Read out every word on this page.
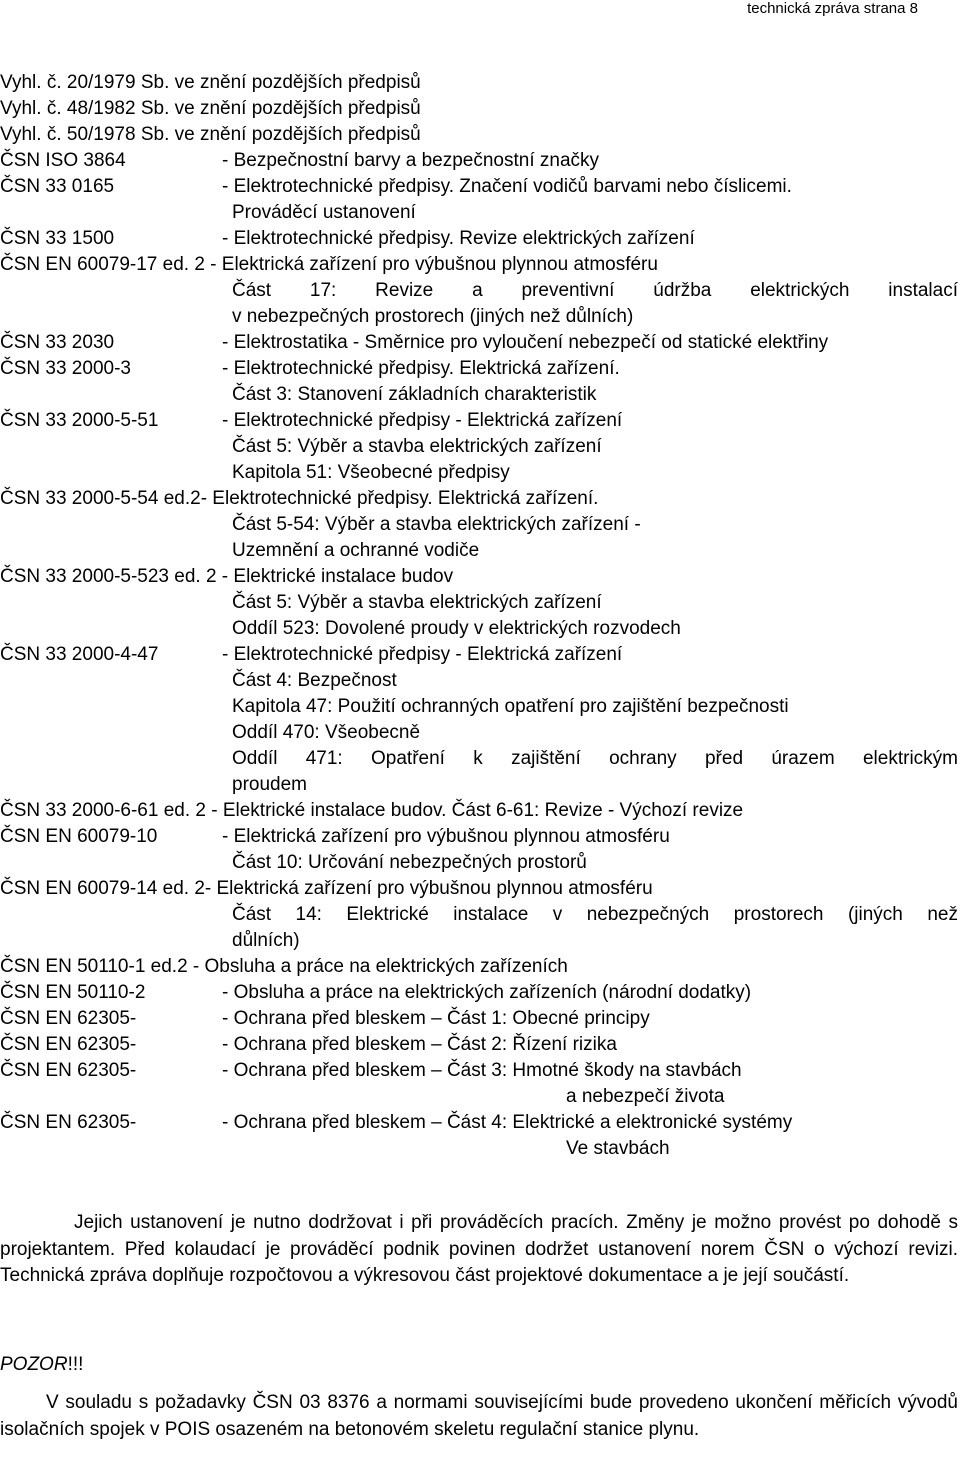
technická zpráva strana 8

Vyhl. č. 20/1979 Sb. ve znění pozdějších předpisů

Vyhl. č. 48/1982 Sb. ve znění pozdějších předpisů

Vyhl. č. 50/1978 Sb. ve znění pozdějších předpisů

ČSN ISO 3864	- Bezpečnostní barvy a bezpečnostní značky

ČSN 33 0165	- Elektrotechnické předpisy. Značení vodičů barvami nebo číslicemi.

Prováděcí ustanovení

ČSN 33 1500	- Elektrotechnické předpisy. Revize elektrických zařízení

ČSN EN 60079-17 ed. 2 - Elektrická zařízení pro výbušnou plynnou atmosféru

Část 17: Revize a preventivní údržba elektrických instalací

v nebezpečných prostorech (jiných než důlních)

ČSN 33 2030	- Elektrostatika - Směrnice pro vyloučení nebezpečí od statické elektřiny

ČSN 33 2000-3	- Elektrotechnické předpisy. Elektrická zařízení.

Část 3: Stanovení základních charakteristik

ČSN 33 2000-5-51	- Elektrotechnické předpisy - Elektrická zařízení

Část 5: Výběr a stavba elektrických zařízení

Kapitola 51: Všeobecné předpisy

ČSN 33 2000-5-54 ed.2- Elektrotechnické předpisy. Elektrická zařízení.

Část 5-54: Výběr a stavba elektrických zařízení -

Uzemnění a ochranné vodiče

ČSN 33 2000-5-523 ed. 2 - Elektrické instalace budov

Část 5: Výběr a stavba elektrických zařízení

Oddíl 523: Dovolené proudy v elektrických rozvodech

ČSN 33 2000-4-47	- Elektrotechnické předpisy - Elektrická zařízení

Část 4: Bezpečnost

Kapitola 47: Použití ochranných opatření pro zajištění bezpečnosti

Oddíl 470: Všeobecně

Oddíl 471: Opatření k zajištění ochrany před úrazem elektrickým

proudem

ČSN 33 2000-6-61 ed. 2 - Elektrické instalace budov. Část 6-61: Revize - Výchozí revize

ČSN EN 60079-10	- Elektrická zařízení pro výbušnou plynnou atmosféru

Část 10: Určování nebezpečných prostorů

ČSN EN 60079-14 ed. 2- Elektrická zařízení pro výbušnou plynnou atmosféru

Část 14: Elektrické instalace v nebezpečných prostorech (jiných než

důlních)

ČSN EN 50110-1 ed.2 - Obsluha a práce na elektrických zařízeních

ČSN EN 50110-2	- Obsluha a práce na elektrických zařízeních (národní dodatky)

ČSN EN 62305-	- Ochrana před bleskem – Část 1: Obecné principy

ČSN EN 62305-	- Ochrana před bleskem – Část 2: Řízení rizika

ČSN EN 62305-	- Ochrana před bleskem – Část 3: Hmotné škody na stavbách

a nebezpečí života

ČSN EN 62305-	- Ochrana před bleskem – Část 4: Elektrické a elektronické systémy

Ve stavbách

Jejich ustanovení je nutno dodržovat i při prováděcích pracích. Změny je možno provést po dohodě s projektantem. Před kolaudací je prováděcí podnik povinen dodržet ustanovení norem ČSN o výchozí revizi. Technická zpráva doplňuje rozpočtovou a výkresovou část projektové dokumentace a je její součástí.

POZOR!!!

V souladu s požadavky ČSN 03 8376 a normami souvisejícími bude provedeno ukončení měřicích vývodů isolačních spojek v POIS osazeném na betonovém skeletu regulační stanice plynu.
